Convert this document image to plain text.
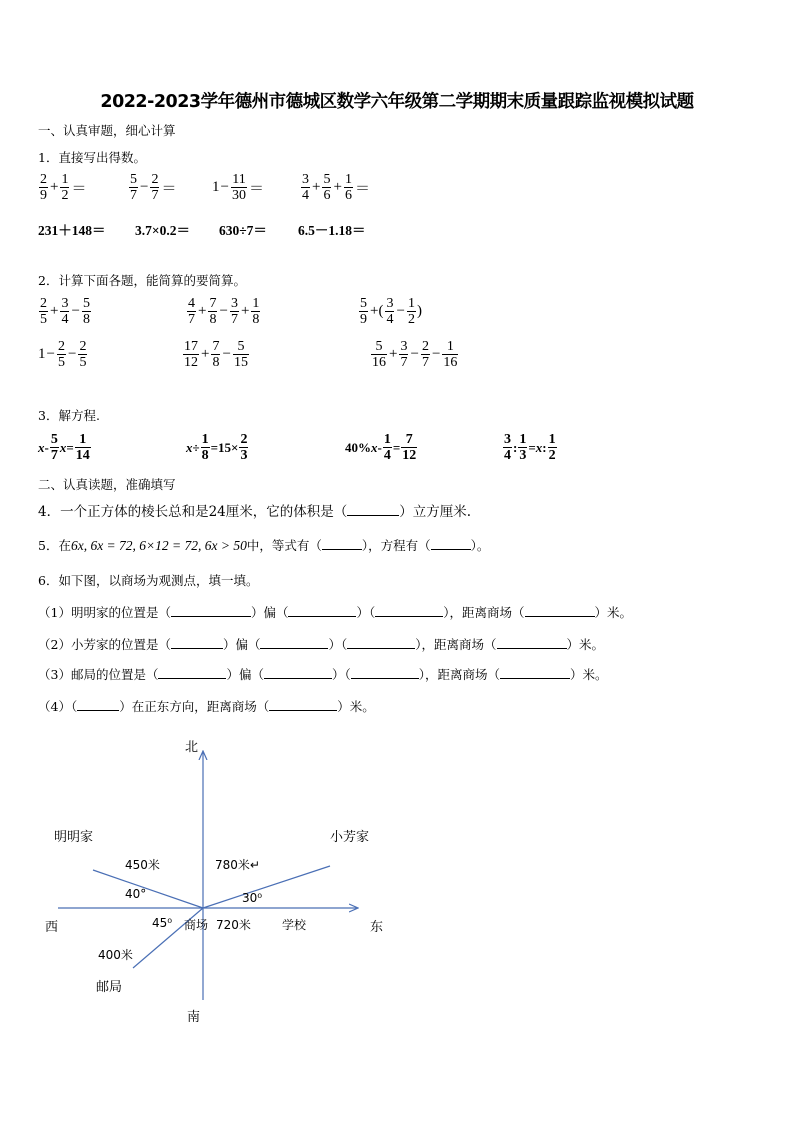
2022-2023学年德州市德城区数学六年级第二学期期末质量跟踪监视模拟试题
一、认真审题，细心计算
1．直接写出得数。
$\frac{2}{9} + \frac{1}{2}$ ＝	$\frac{5}{7} - \frac{2}{7} = 1 - \frac{11}{30}$ ＝	$\frac{3}{4} + \frac{5}{6} + \frac{1}{6}$ ＝
231＋148＝ 3.7×0.2＝ 630÷7＝ 6.5－1.18＝
2．计算下面各题，能简算的要简算。
$\frac{2}{5} + \frac{3}{4} - \frac{5}{8}$	$\frac{4}{7} + \frac{7}{8} - \frac{3}{7} + \frac{1}{8}$	$\frac{5}{9}$ +( $\frac{3}{4} - \frac{1}{2}$ )
$1 - \frac{2}{5} - \frac{2}{5}$	$\frac{17}{12} + \frac{7}{8} - \frac{5}{15}$	$\frac{5}{16} + \frac{3}{7} - \frac{2}{7} - \frac{1}{16}$
3．解方程.
x - $\frac{5}{7}$ $x = \frac{1}{14}$	$x \div \frac{1}{8} =15\times \frac{2}{3}$	40% $x - \frac{1}{4} = \frac{7}{12}$	$\frac{3}{4}$ : $\frac{1}{3} = x$ : $\frac{1}{2}$
二、认真读题，准确填写
4．一个正方体的棱长总和是24厘米，它的体积是（	）立方厘米.
5．在6x, 6x = 72, 6×12 = 72, 6x > 50中，等式有（	），方程有（	）。
6．如下图，以商场为观测点，填一填。
（1）明明家的位置是（	）偏（	）（	），距离商场（	）米。
（2）小芳家的位置是（	）偏（	）（	），距离商场（	）米。
（3）邮局的位置是（	）偏（	）（	），距离商场（	）米。
（4）（	）在正东方向，距离商场（	）米。
北
南
西	东
明明家	小芳家
邮局
商场	学校
450米	780米↵
720米
400米
40°	30⁰
45⁰
